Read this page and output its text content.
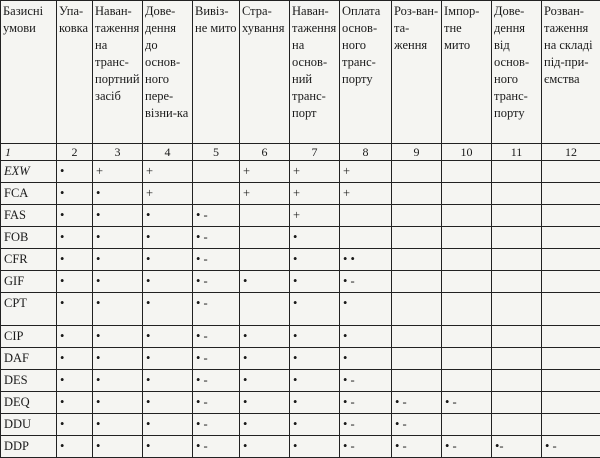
Базисні умови	Упа-ковка	Наван-таження на транс-портний засіб	Дове-дення до основ-ного пере-візни-ка	Вивіз-не мито	Стра-хування	Наван-таження на основ-ний транс-порт	Оплата основ-ного транс-порту	Роз-ван-та-ження	Імпор-тне мито	Дове-дення від основ-ного транс-порту	Розван-таження на складі під-при-ємства
1	2	3	4	5	6	7	8	9	10	11	12
EXW	•	+	+		+	+	+				
FCA	•	•	+		+	+	+				
FAS	•	•	•	• -		+					
FOB	•	•	•	• -		•					
CFR	•	•	•	• -		•	• •				
GIF	•	•	•	• -	•	•	• -				
CPT	•	•	•	• -		•	•				
CIP	•	•	•	• -	•	•	•				
DAF	•	•	•	• -	•	•	•				
DES	•	•	•	• -	•	•	• -				
DEQ	•	•	•	• -	•	•	• -	• -	• -		
DDU	•	•	•	• -	•	•	• -	• -			
DDP	•	•	•	• -	•	•	• -	• -	• -	•-	• -
